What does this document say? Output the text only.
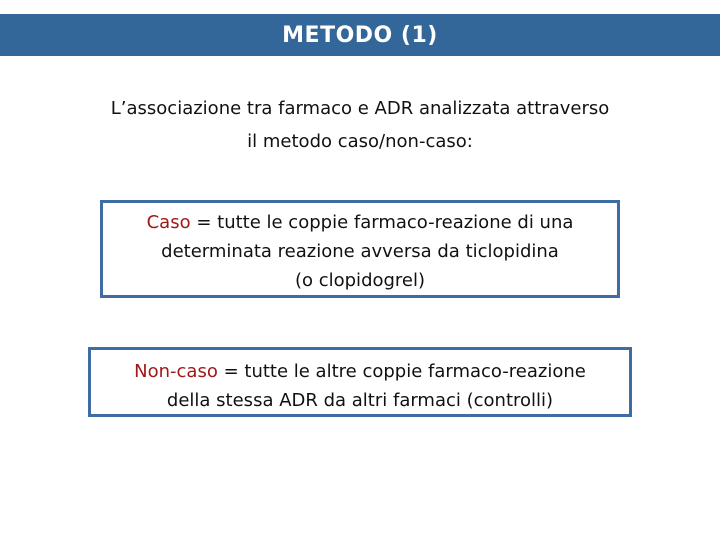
METODO (1)
L’associazione tra farmaco e ADR analizzata attraverso
il metodo caso/non-caso:
Caso = tutte le coppie farmaco-reazione di una
determinata reazione avversa da ticlopidina
(o clopidogrel)
Non-caso = tutte le altre coppie farmaco-reazione
della stessa ADR da altri farmaci (controlli)
